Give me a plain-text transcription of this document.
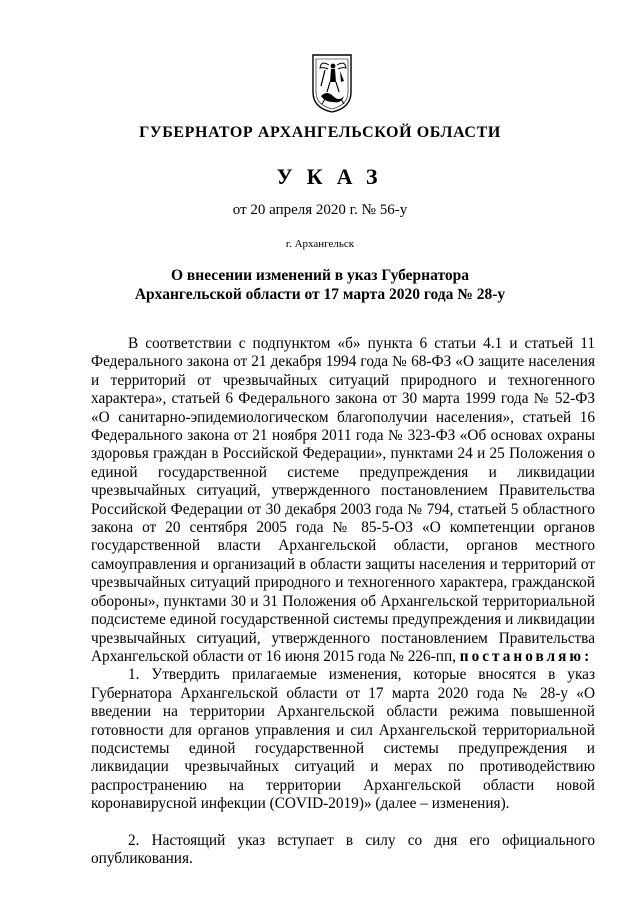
ГУБЕРНАТОР АРХАНГЕЛЬСКОЙ ОБЛАСТИ
УКАЗ
от 20 апреля 2020 г. № 56-у
г. Архангельск
О внесении изменений в указ Губернатора
Архангельской области от 17 марта 2020 года № 28-у

В соответствии с подпунктом «б» пункта 6 статьи 4.1 и статьей 11 Федерального закона от 21 декабря 1994 года № 68-ФЗ «О защите населения и территорий от чрезвычайных ситуаций природного и техногенного характера», статьей 6 Федерального закона от 30 марта 1999 года № 52-ФЗ «О санитарно-эпидемиологическом благополучии населения», статьей 16 Федерального закона от 21 ноября 2011 года № 323-ФЗ «Об основах охраны здоровья граждан в Российской Федерации», пунктами 24 и 25 Положения о единой государственной системе предупреждения и ликвидации чрезвычайных ситуаций, утвержденного постановлением Правительства Российской Федерации от 30 декабря 2003 года № 794, статьей 5 областного закона от 20 сентября 2005 года № 85-5-ОЗ «О компетенции органов государственной власти Архангельской области, органов местного самоуправления и организаций в области защиты населения и территорий от чрезвычайных ситуаций природного и техногенного характера, гражданской обороны», пунктами 30 и 31 Положения об Архангельской территориальной подсистеме единой государственной системы предупреждения и ликвидации чрезвычайных ситуаций, утвержденного постановлением Правительства Архангельской области от 16 июня 2015 года № 226-пп, постановляю:

1. Утвердить прилагаемые изменения, которые вносятся в указ Губернатора Архангельской области от 17 марта 2020 года № 28-у «О введении на территории Архангельской области режима повышенной готовности для органов управления и сил Архангельской территориальной подсистемы единой государственной системы предупреждения и ликвидации чрезвычайных ситуаций и мерах по противодействию распространению на территории Архангельской области новой коронавирусной инфекции (COVID-2019)» (далее – изменения).

2. Настоящий указ вступает в силу со дня его официального опубликования.
